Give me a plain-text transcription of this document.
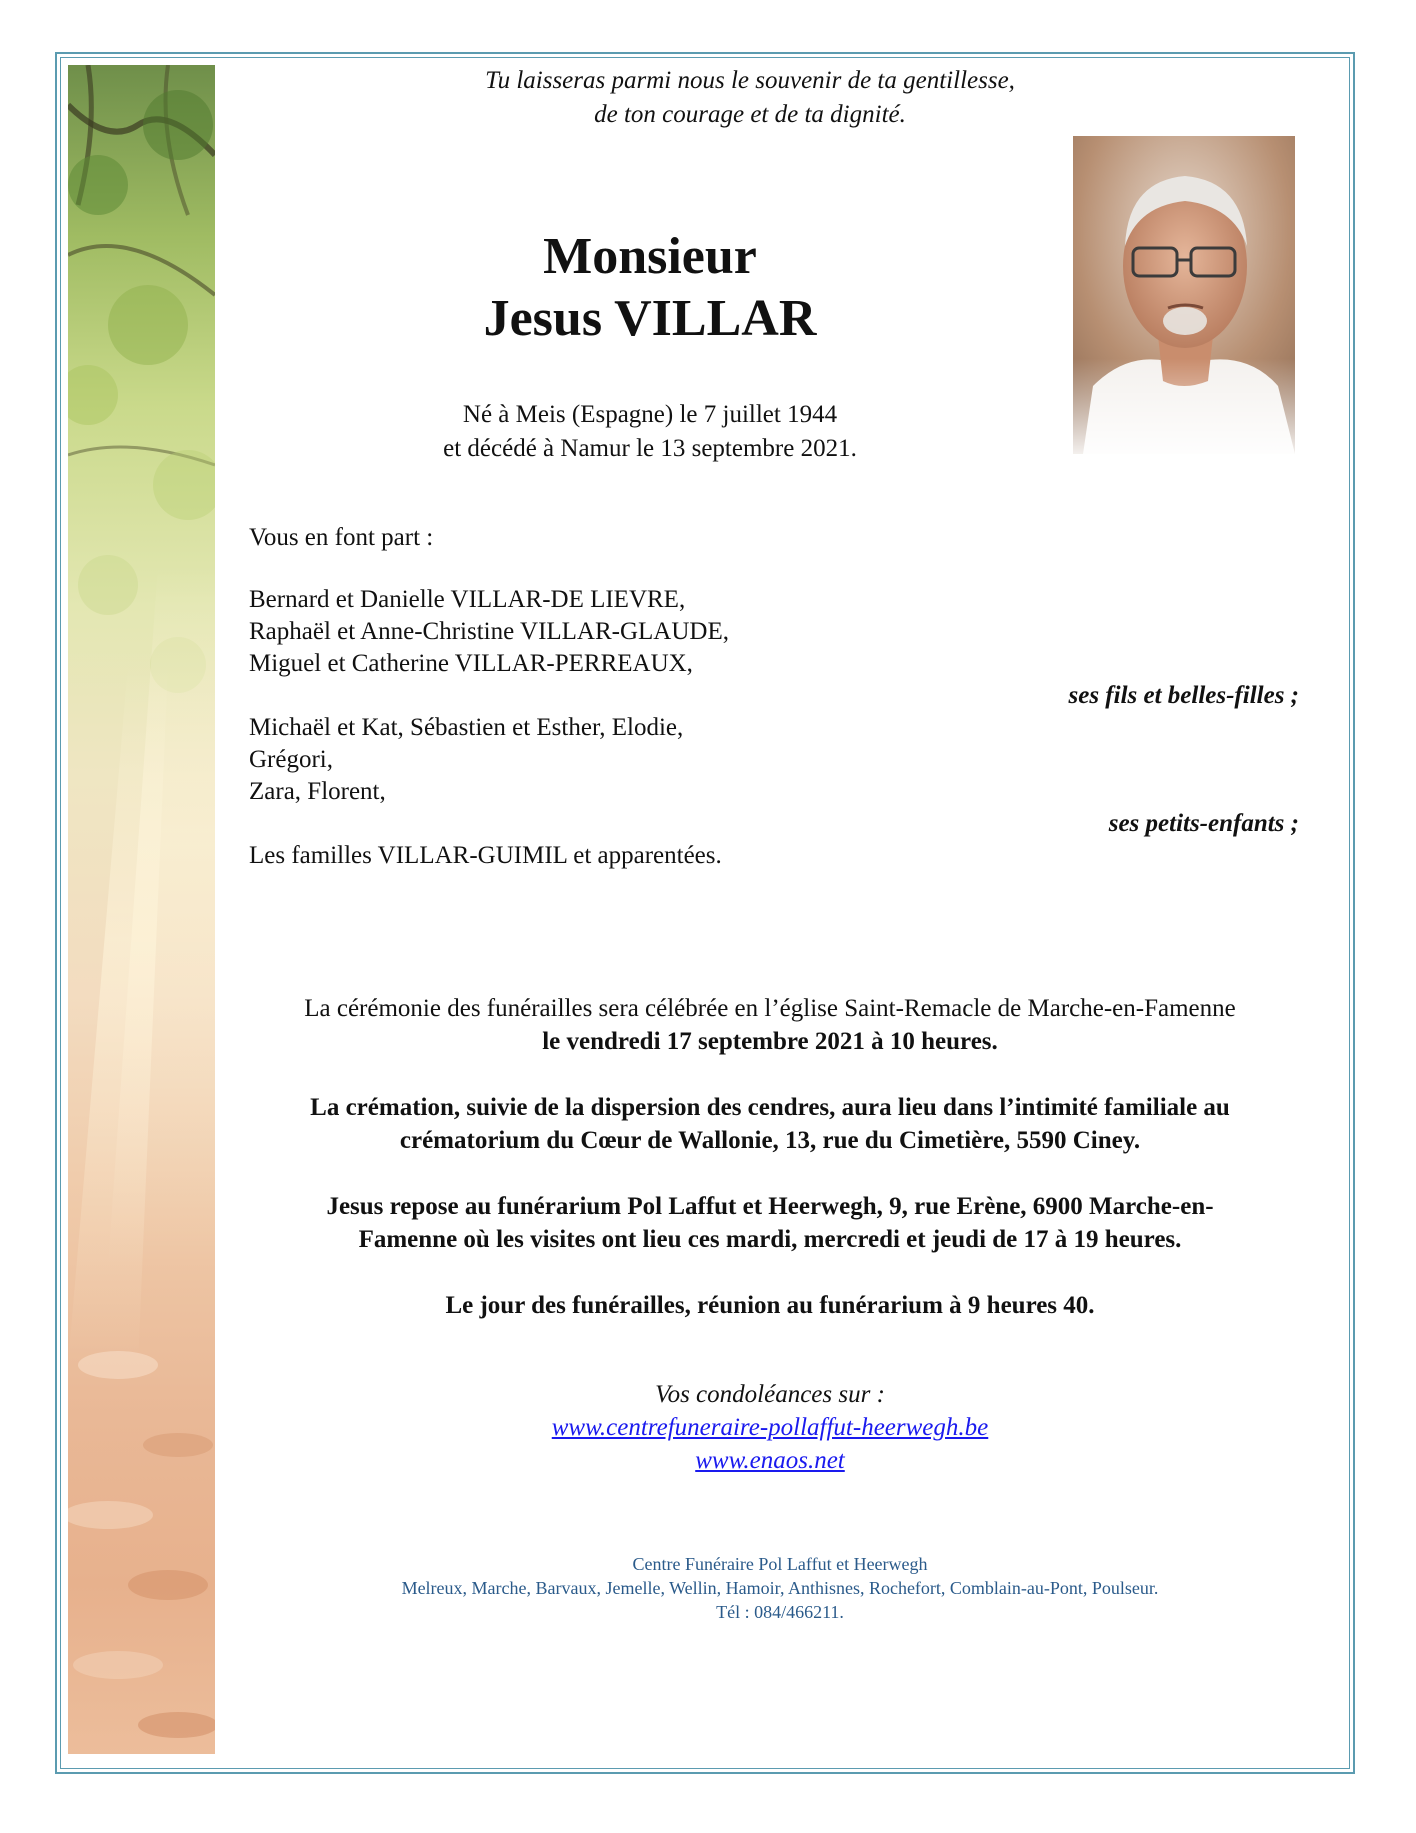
Tu laisseras parmi nous le souvenir de ta gentillesse,
de ton courage et de ta dignité.
Monsieur
Jesus VILLAR
Né à Meis (Espagne) le 7 juillet 1944
et décédé à Namur le 13 septembre 2021.
Vous en font part :
Bernard et Danielle VILLAR-DE LIEVRE,
Raphaël et Anne-Christine VILLAR-GLAUDE,
Miguel et Catherine VILLAR-PERREAUX,
ses fils et belles-filles ;
Michaël et Kat, Sébastien et Esther, Elodie,
Grégori,
Zara, Florent,
ses petits-enfants ;
Les familles VILLAR-GUIMIL et apparentées.
La cérémonie des funérailles sera célébrée en l’église Saint-Remacle de Marche-en-Famenne
le vendredi 17 septembre 2021 à 10 heures.
La crémation, suivie de la dispersion des cendres, aura lieu dans l’intimité familiale au
crématorium du Cœur de Wallonie, 13, rue du Cimetière, 5590 Ciney.
Jesus repose au funérarium Pol Laffut et Heerwegh, 9, rue Erène, 6900 Marche-en-
Famenne où les visites ont lieu ces mardi, mercredi et jeudi de 17 à 19 heures.
Le jour des funérailles, réunion au funérarium à 9 heures 40.
Vos condoléances sur :
www.centrefuneraire-pollaffut-heerwegh.be
www.enaos.net
Centre Funéraire Pol Laffut et Heerwegh
Melreux, Marche, Barvaux, Jemelle, Wellin, Hamoir, Anthisnes, Rochefort, Comblain-au-Pont, Poulseur.
Tél : 084/466211.
